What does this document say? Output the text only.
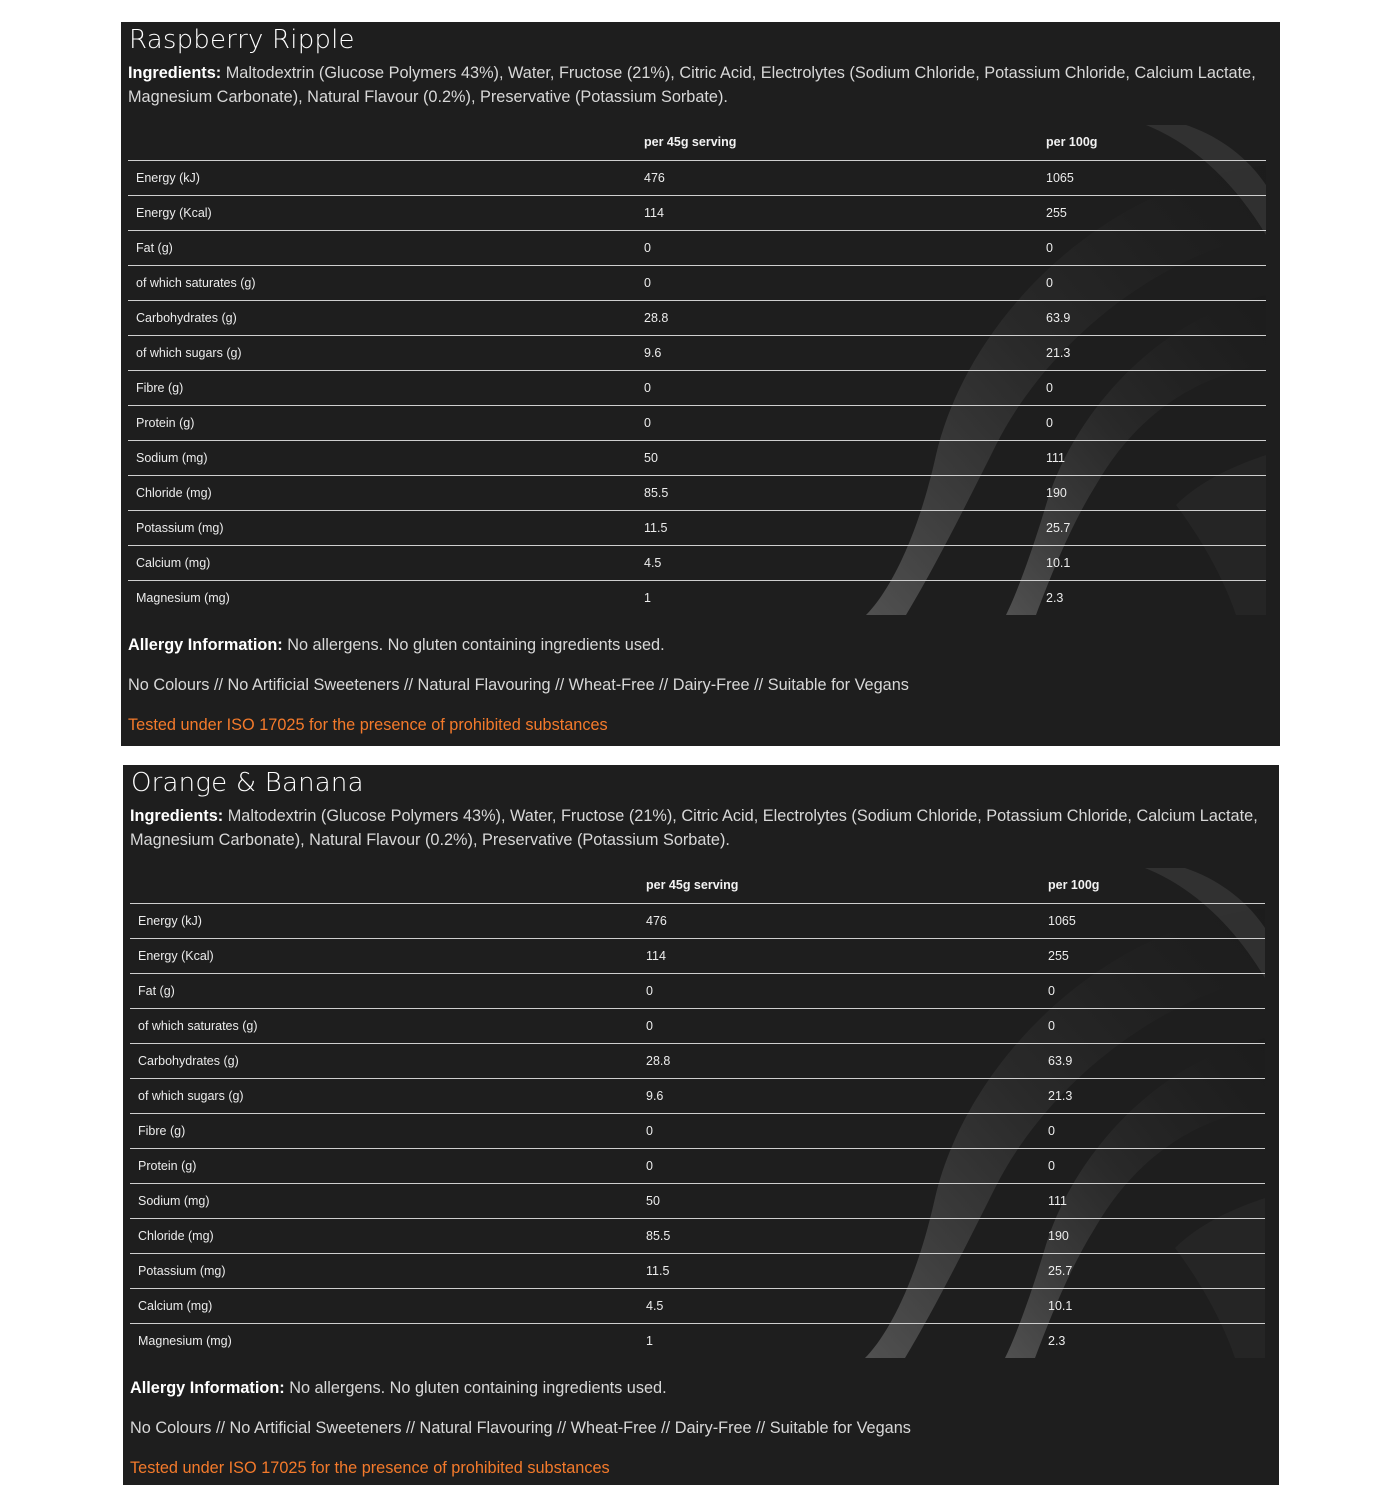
Raspberry Ripple

Ingredients: Maltodextrin (Glucose Polymers 43%), Water, Fructose (21%), Citric Acid, Electrolytes (Sodium Chloride, Potassium Chloride, Calcium Lactate, Magnesium Carbonate), Natural Flavour (0.2%), Preservative (Potassium Sorbate).

	per 45g serving	per 100g
Energy (kJ)	476	1065
Energy (Kcal)	114	255
Fat (g)	0	0
of which saturates (g)	0	0
Carbohydrates (g)	28.8	63.9
of which sugars (g)	9.6	21.3
Fibre (g)	0	0
Protein (g)	0	0
Sodium (mg)	50	111
Chloride (mg)	85.5	190
Potassium (mg)	11.5	25.7
Calcium (mg)	4.5	10.1
Magnesium (mg)	1	2.3

Allergy Information: No allergens. No gluten containing ingredients used.

No Colours // No Artificial Sweeteners // Natural Flavouring // Wheat-Free // Dairy-Free // Suitable for Vegans

Tested under ISO 17025 for the presence of prohibited substances

Orange & Banana

Ingredients: Maltodextrin (Glucose Polymers 43%), Water, Fructose (21%), Citric Acid, Electrolytes (Sodium Chloride, Potassium Chloride, Calcium Lactate, Magnesium Carbonate), Natural Flavour (0.2%), Preservative (Potassium Sorbate).

	per 45g serving	per 100g
Energy (kJ)	476	1065
Energy (Kcal)	114	255
Fat (g)	0	0
of which saturates (g)	0	0
Carbohydrates (g)	28.8	63.9
of which sugars (g)	9.6	21.3
Fibre (g)	0	0
Protein (g)	0	0
Sodium (mg)	50	111
Chloride (mg)	85.5	190
Potassium (mg)	11.5	25.7
Calcium (mg)	4.5	10.1
Magnesium (mg)	1	2.3

Allergy Information: No allergens. No gluten containing ingredients used.

No Colours // No Artificial Sweeteners // Natural Flavouring // Wheat-Free // Dairy-Free // Suitable for Vegans

Tested under ISO 17025 for the presence of prohibited substances
